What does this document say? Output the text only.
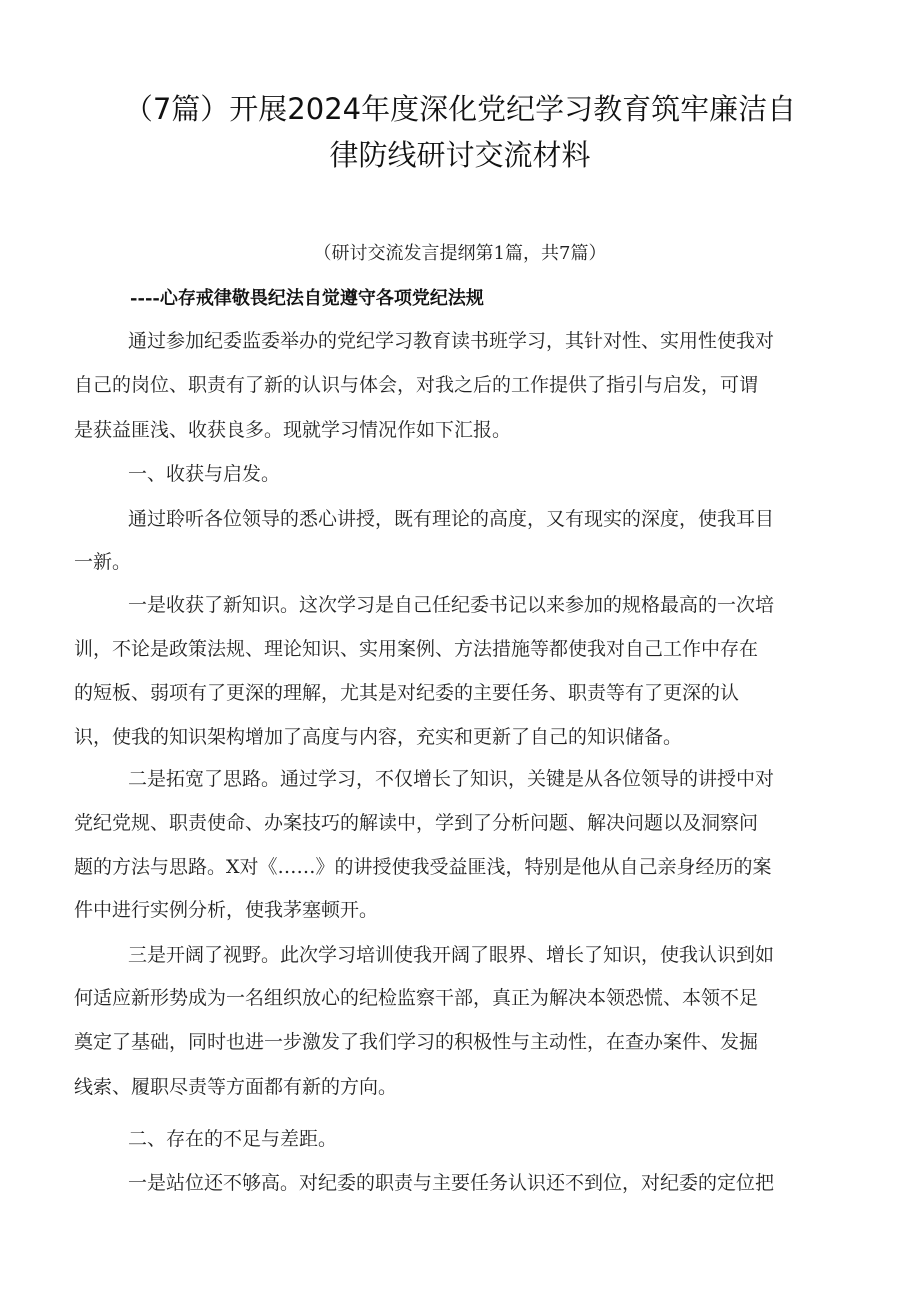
（7篇）开展2024年度深化党纪学习教育筑牢廉洁自
律防线研讨交流材料
（研讨交流发言提纲第1篇，共7篇）
----心存戒律敬畏纪法自觉遵守各项党纪法规
通过参加纪委监委举办的党纪学习教育读书班学习，其针对性、实用性使我对
自己的岗位、职责有了新的认识与体会，对我之后的工作提供了指引与启发，可谓
是获益匪浅、收获良多。现就学习情况作如下汇报。
一、收获与启发。
通过聆听各位领导的悉心讲授，既有理论的高度，又有现实的深度，使我耳目
一新。
一是收获了新知识。这次学习是自己任纪委书记以来参加的规格最高的一次培
训，不论是政策法规、理论知识、实用案例、方法措施等都使我对自己工作中存在
的短板、弱项有了更深的理解，尤其是对纪委的主要任务、职责等有了更深的认
识，使我的知识架构增加了高度与内容，充实和更新了自己的知识储备。
二是拓宽了思路。通过学习，不仅增长了知识，关键是从各位领导的讲授中对
党纪党规、职责使命、办案技巧的解读中，学到了分析问题、解决问题以及洞察问
题的方法与思路。X对《……》的讲授使我受益匪浅，特别是他从自己亲身经历的案
件中进行实例分析，使我茅塞顿开。
三是开阔了视野。此次学习培训使我开阔了眼界、增长了知识，使我认识到如
何适应新形势成为一名组织放心的纪检监察干部，真正为解决本领恐慌、本领不足
奠定了基础，同时也进一步激发了我们学习的积极性与主动性，在查办案件、发掘
线索、履职尽责等方面都有新的方向。
二、存在的不足与差距。
一是站位还不够高。对纪委的职责与主要任务认识还不到位，对纪委的定位把
